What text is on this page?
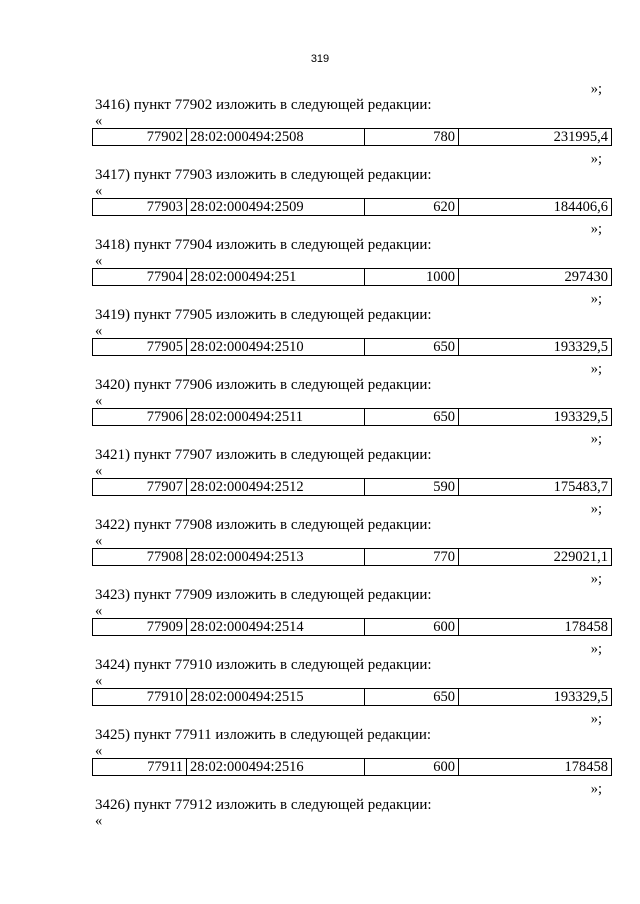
319
»;
3416) пункт 77902 изложить в следующей редакции:
«
77902	28:02:000494:2508	780	231995,4
»;
3417) пункт 77903 изложить в следующей редакции:
«
77903	28:02:000494:2509	620	184406,6
»;
3418) пункт 77904 изложить в следующей редакции:
«
77904	28:02:000494:251	1000	297430
»;
3419) пункт 77905 изложить в следующей редакции:
«
77905	28:02:000494:2510	650	193329,5
»;
3420) пункт 77906 изложить в следующей редакции:
«
77906	28:02:000494:2511	650	193329,5
»;
3421) пункт 77907 изложить в следующей редакции:
«
77907	28:02:000494:2512	590	175483,7
»;
3422) пункт 77908 изложить в следующей редакции:
«
77908	28:02:000494:2513	770	229021,1
»;
3423) пункт 77909 изложить в следующей редакции:
«
77909	28:02:000494:2514	600	178458
»;
3424) пункт 77910 изложить в следующей редакции:
«
77910	28:02:000494:2515	650	193329,5
»;
3425) пункт 77911 изложить в следующей редакции:
«
77911	28:02:000494:2516	600	178458
»;
3426) пункт 77912 изложить в следующей редакции:
«
